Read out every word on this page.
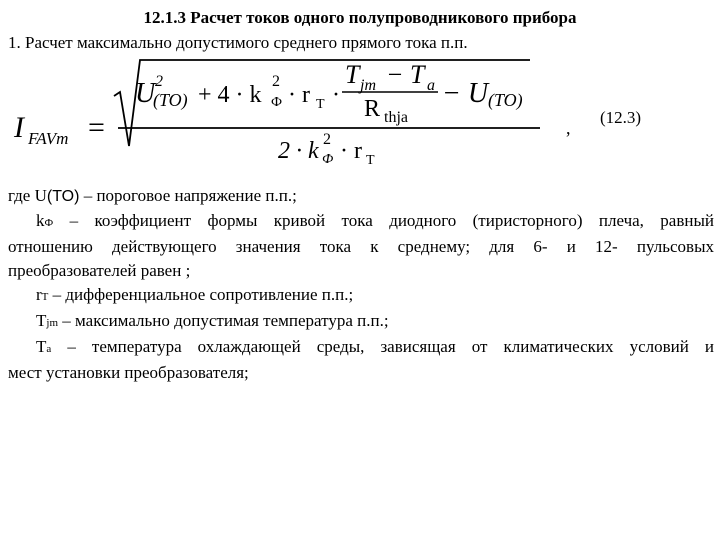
12.1.3 Расчет токов одного полупроводникового прибора
1. Расчет максимально допустимого среднего прямого тока п.п.
I FAVm =
U 2
(TO) + 4 · k
2
Ф · r T ·
T jm − T a
R thja
− U (TO)
2 · k 2
Ф · r T
,
(12.3)

где U(TO) – пороговое напряжение п.п.;

kФ – коэффициент формы кривой тока диодного (тиристорного) плеча, равный

отношению действующего значения тока к среднему; для 6- и 12- пульсовых

преобразователей равен ;

rT – дифференциальное сопротивление п.п.;

Tjm – максимально допустимая температура п.п.;

Ta – температура охлаждающей среды, зависящая от климатических условий и

мест установки преобразователя;
